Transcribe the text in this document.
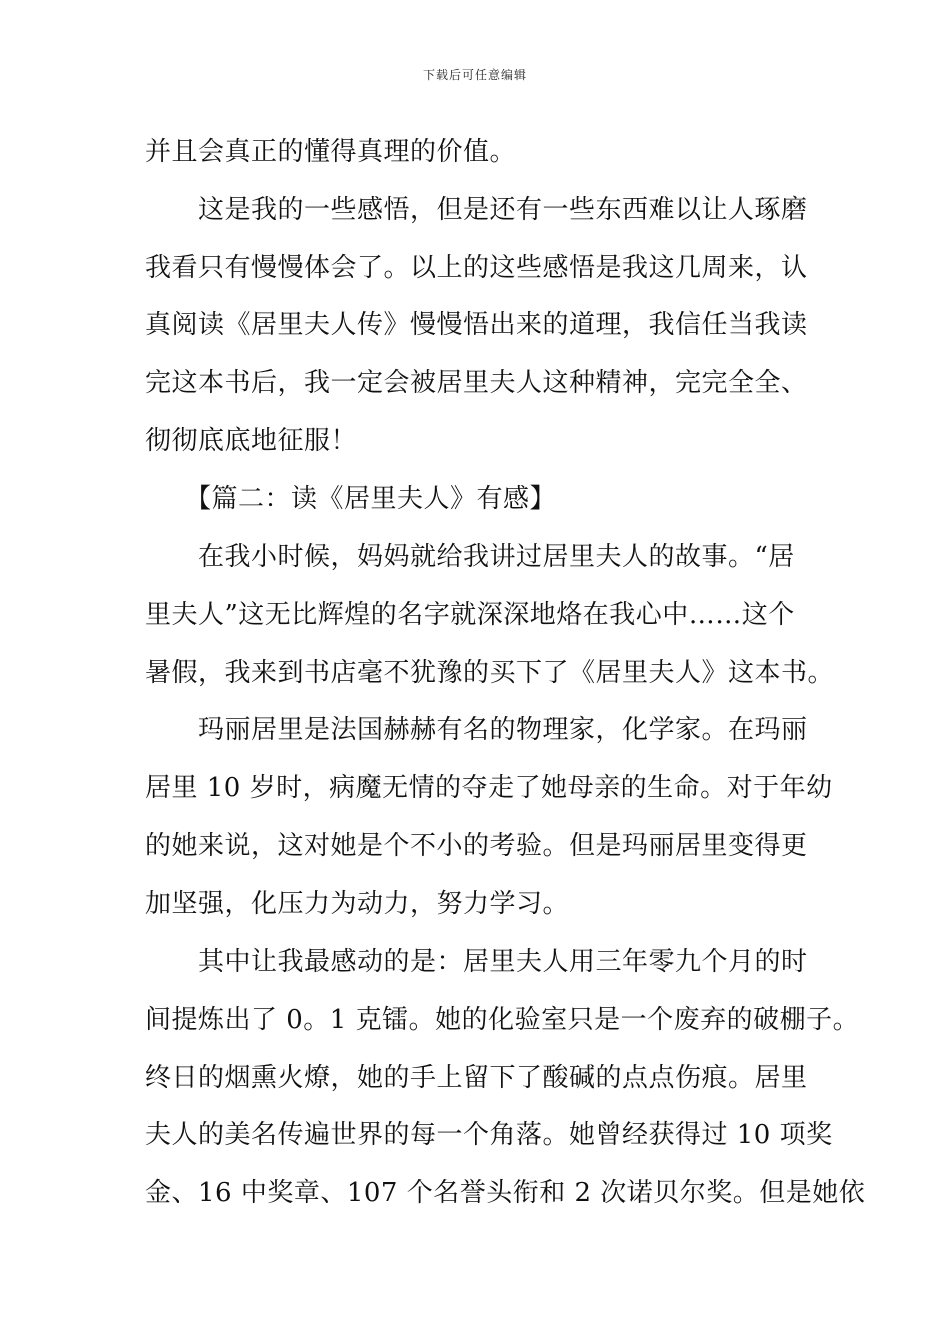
下载后可任意编辑
并且会真正的懂得真理的价值。
　　这是我的一些感悟，但是还有一些东西难以让人琢磨
我看只有慢慢体会了。以上的这些感悟是我这几周来，认
真阅读《居里夫人传》慢慢悟出来的道理，我信任当我读
完这本书后，我一定会被居里夫人这种精神，完完全全、
彻彻底底地征服！
　　【篇二：读《居里夫人》有感】
　　在我小时候，妈妈就给我讲过居里夫人的故事。“居
里夫人”这无比辉煌的名字就深深地烙在我心中……这个
暑假，我来到书店毫不犹豫的买下了《居里夫人》这本书。
　　玛丽居里是法国赫赫有名的物理家，化学家。在玛丽
居里 10 岁时，病魔无情的夺走了她母亲的生命。对于年幼
的她来说，这对她是个不小的考验。但是玛丽居里变得更
加坚强，化压力为动力，努力学习。
　　其中让我最感动的是：居里夫人用三年零九个月的时
间提炼出了 0。1 克镭。她的化验室只是一个废弃的破棚子。
终日的烟熏火燎，她的手上留下了酸碱的点点伤痕。居里
夫人的美名传遍世界的每一个角落。她曾经获得过 10 项奖
金、16 中奖章、107 个名誉头衔和 2 次诺贝尔奖。但是她依
